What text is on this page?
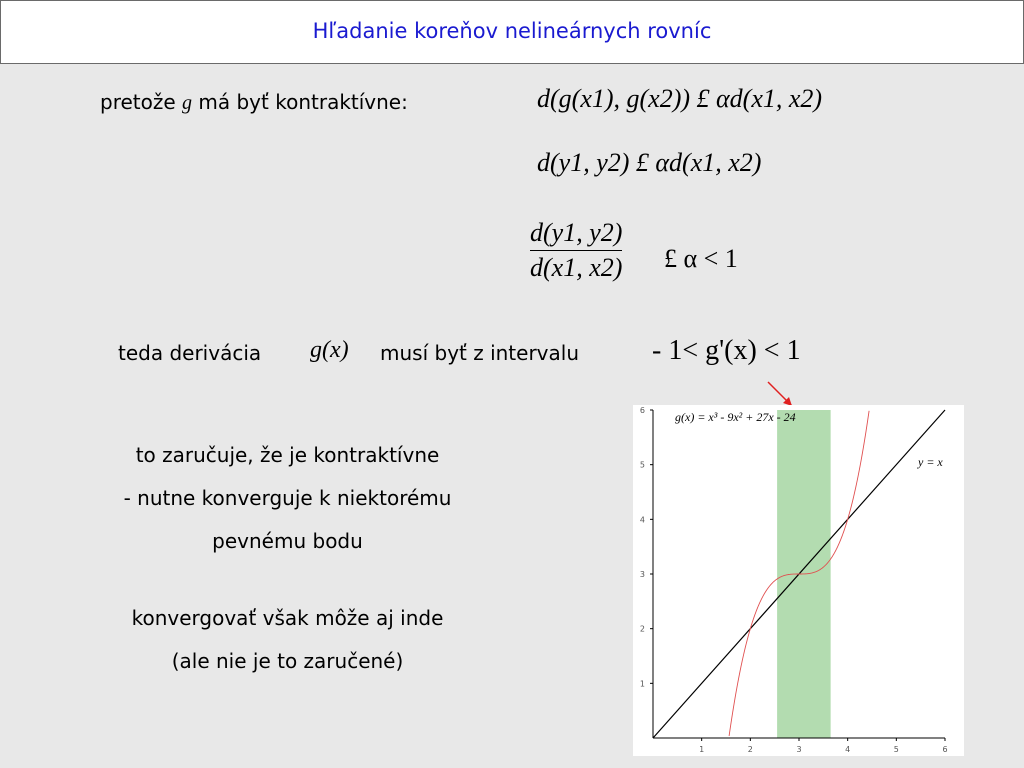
Hľadanie koreňov nelineárnych rovníc
pretože g má byť kontraktívne:	d(g(x1), g(x2)) £ αd(x1, x2)
d(y1, y2) £ αd(x1, x2)
d(y1, y2)
d(x1, x2) £ α < 1
teda derivácia g(x) musí byť z intervalu	- 1< g'(x) < 1
to zaručuje, že je kontraktívne
- nutne konverguje k niektorému
pevnému bodu
konvergovať však môže aj inde
(ale nie je to zaručené)
1	2	3	4	5	6
1
2
3
4
5
6	g(x) = x³ - 9x² + 27x - 24
y = x
